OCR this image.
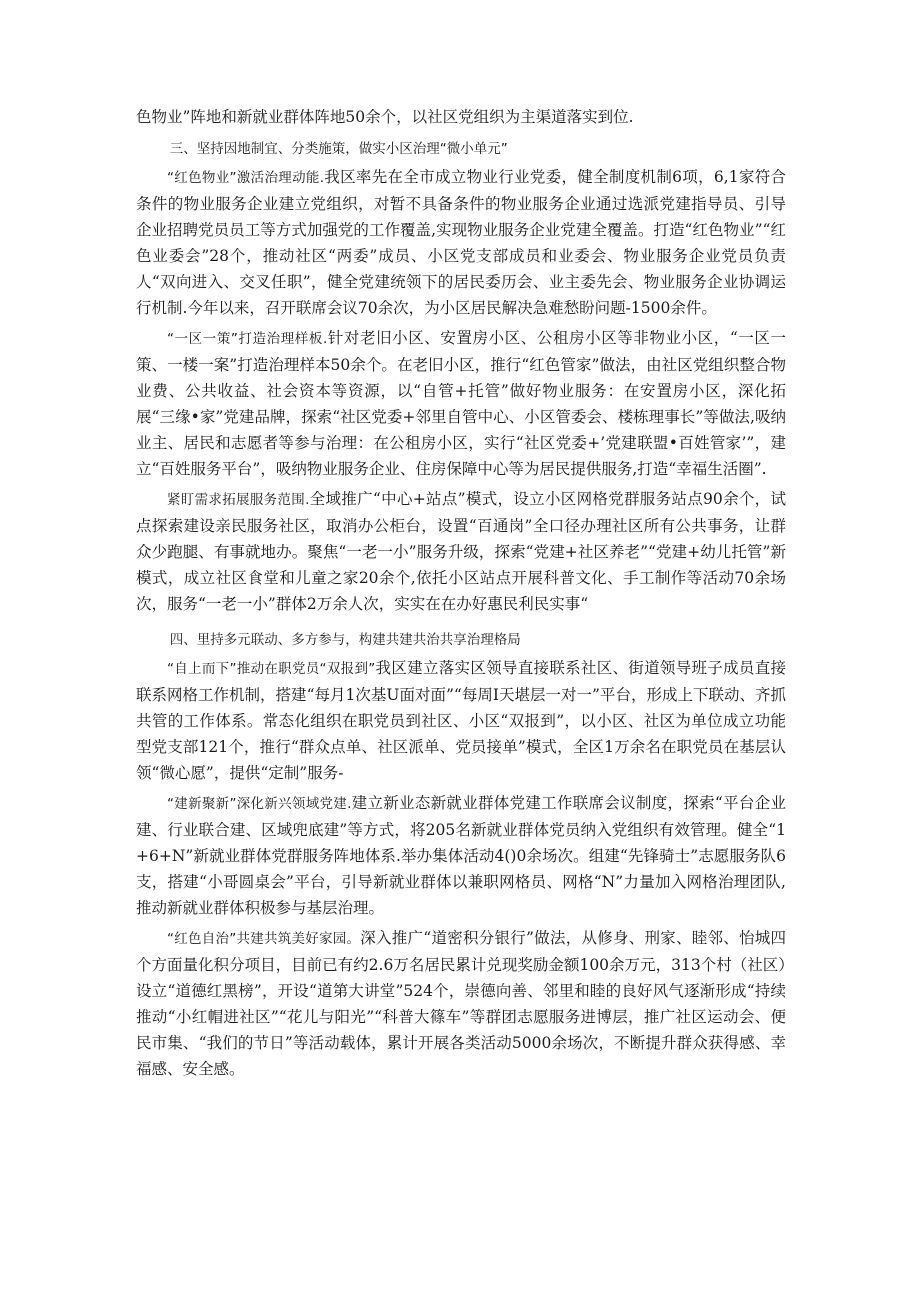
色物业”阵地和新就业群体阵地50余个，以社区党组织为主渠道落实到位.

三、坚持因地制宜、分类施策，做实小区治理“微小单元”

“红色物业”激活治理动能.我区率先在全市成立物业行业党委，健全制度机制6项，6,1家符合条件的物业服务企业建立党组织，对暂不具备条件的物业服务企业通过选派党建指导员、引导企业招聘党员员工等方式加强党的工作覆盖,实现物业服务企业党建全覆盖。打造“红色物业”“红色业委会”28个，推动社区“两委”成员、小区党支部成员和业委会、物业服务企业党员负责人“双向进入、交叉任职”，健全党建统领下的居民委历会、业主委先会、物业服务企业协调运行机制.今年以来，召开联席会议70余次，为小区居民解决急难愁盼问题-1500余件。

“一区一策”打造治理样板.针对老旧小区、安置房小区、公租房小区等非物业小区，“一区一策、一楼一案”打造治理样本50余个。在老旧小区，推行“红色管家”做法，由社区党组织整合物业费、公共收益、社会资本等资源，以“自管+托管”做好物业服务：在安置房小区，深化拓展“三缘•家”党建品牌，探索“社区党委+邻里自管中心、小区管委会、楼栋理事长”等做法,吸纳业主、居民和志愿者等参与治理：在公租房小区，实行“社区党委+’党建联盟•百姓管家’”，建立“百姓服务平台”，吸纳物业服务企业、住房保障中心等为居民提供服务,打造“幸福生活圈”.

紧盯需求拓展服务范围.全域推广“中心+站点”模式，设立小区网格党群服务站点90余个，试点探索建设亲民服务社区，取消办公柜台，设置“百通岗”全口径办理社区所有公共事务，让群众少跑腿、有事就地办。聚焦“一老一小”服务升级，探索“党建+社区养老”“党建+幼儿托管”新模式，成立社区食堂和儿童之家20余个,依托小区站点开展科普文化、手工制作等活动70余场次，服务“一老一小”群体2万余人次，实实在在办好惠民利民实事“

四、里持多元联动、多方参与，构建共建共治共享治理格局

“自上而下”推动在职党员“双报到”我区建立落实区领导直接联系社区、街道领导班子成员直接联系网格工作机制，搭建“每月1次基U面对面”“每周I天堪层一对一”平台，形成上下联动、齐抓共管的工作体系。常态化组织在职党员到社区、小区“双报到”，以小区、社区为单位成立功能型党支部121个，推行“群众点单、社区派单、党员接单”模式，全区1万余名在职党员在基层认领“微心愿”，提供“定制”服务-

“建新聚新”深化新兴领域党建.建立新业态新就业群体党建工作联席会议制度，探索“平台企业建、行业联合建、区域兜底建”等方式，将205名新就业群体党员纳入党组织有效管理。健全“1+6+N”新就业群体党群服务阵地体系.举办集体活动4()0余场次。组建“先锋骑士”志愿服务队6支，搭建“小哥圆桌会”平台，引导新就业群体以兼职网格员、网格“N”力量加入网格治理团队,推动新就业群体积极参与基层治理。

“红色自治”共建共筑美好家园。深入推广“道密积分银行”做法，从修身、刑家、睦邻、怡城四个方面量化积分项目，目前已有约2.6万名居民累计兑现奖励金额100余万元，313个村（社区）设立“道德红黑榜”，开设“道第大讲堂”524个，崇德向善、邻里和睦的良好风气逐渐形成“持续推动“小红帽进社区”“花儿与阳光”“科普大篠车”等群团志愿服务进博层，推广社区运动会、便民市集、“我们的节日”等活动载体，累计开展各类活动5000余场次，不断提升群众获得感、幸福感、安全感。
